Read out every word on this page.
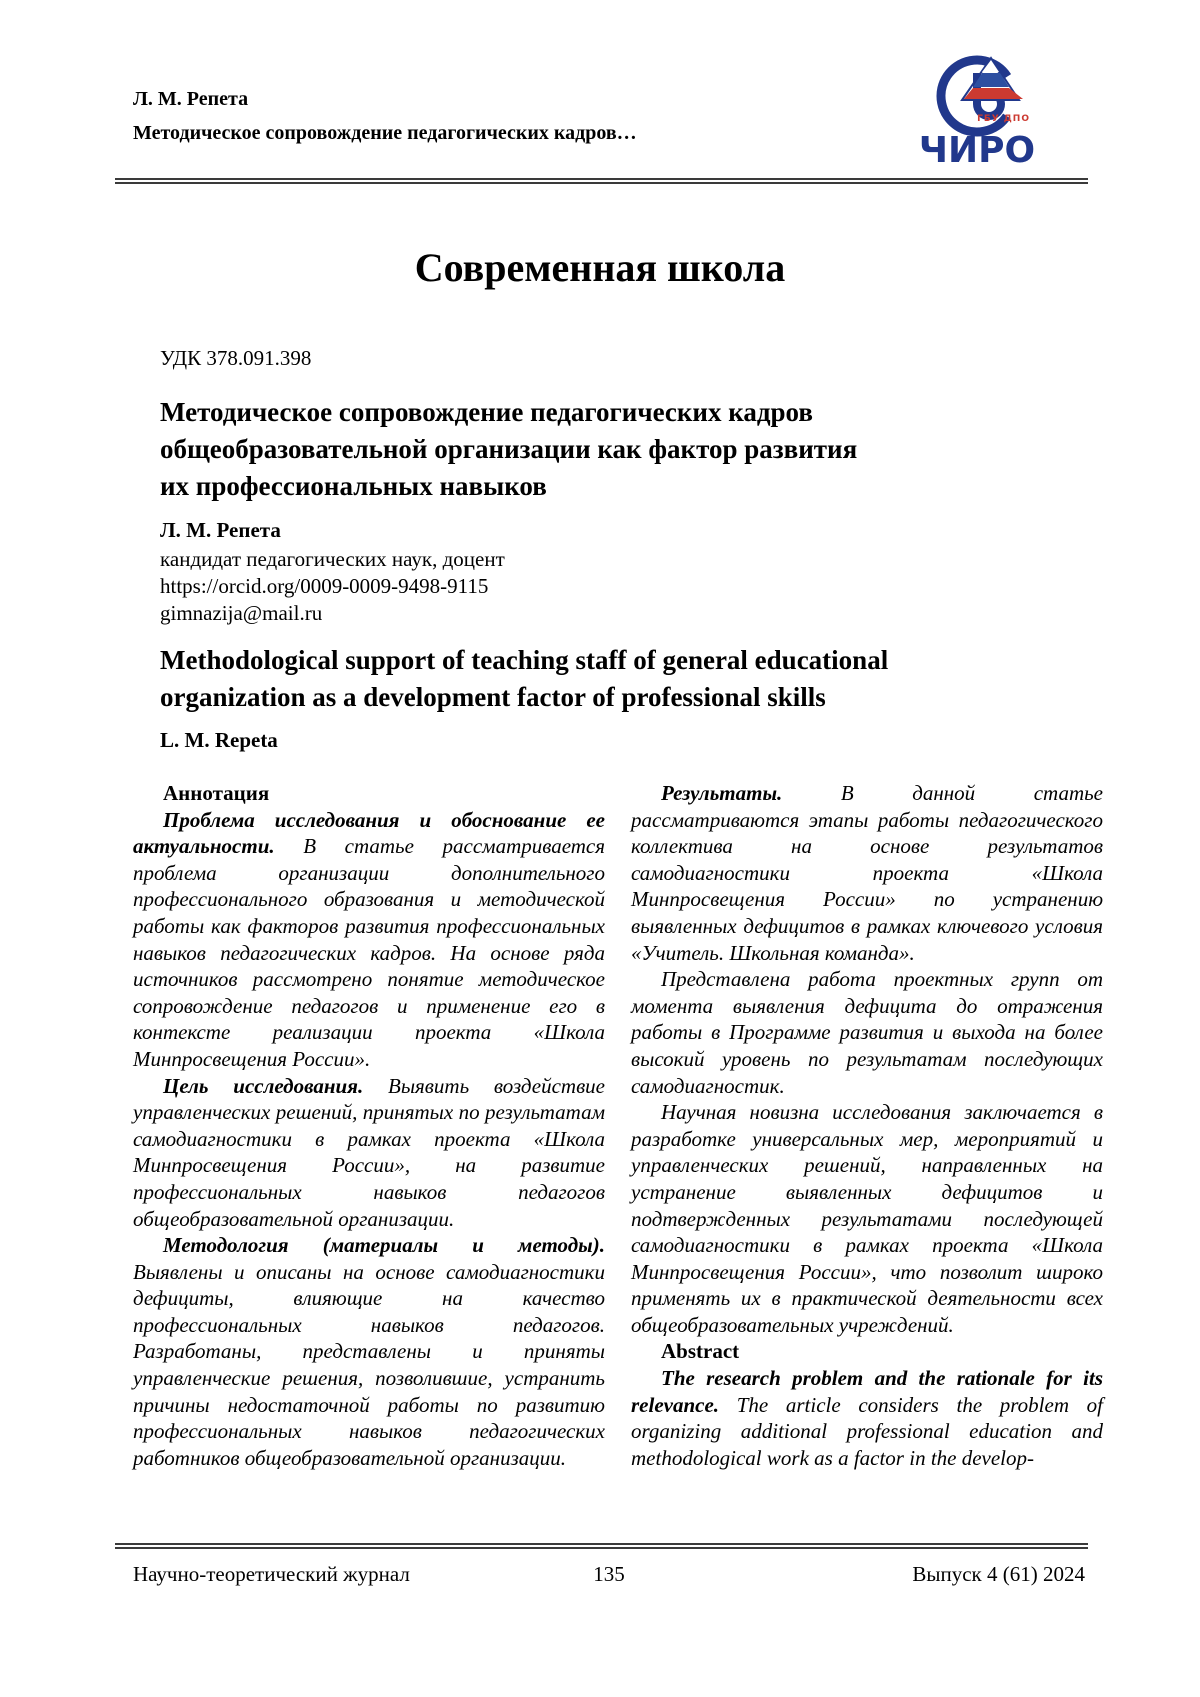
Л. М. Репета
Методическое сопровождение педагогических кадров…
ГБУ ДПО
ЧИРО
Современная школа
УДК 378.091.398
Методическое сопровождение педагогических кадров
общеобразовательной организации как фактор развития
их профессиональных навыков
Л. М. Репета
кандидат педагогических наук, доцент
https://orcid.org/0009-0009-9498-9115
gimnazija@mail.ru
Methodological support of teaching staff of general educational
organization as a development factor of professional skills
L. M. Repeta
Аннотация

Проблема исследования и обоснование ее актуальности. В статье рассматривается проблема организации дополнительного профессионального образования и методической работы как факторов развития профессиональных навыков педагогических кадров. На основе ряда источников рассмотрено понятие методическое сопровождение педагогов и применение его в контексте реализации проекта «Школа Минпросвещения России».

Цель исследования. Выявить воздействие управленческих решений, принятых по результатам самодиагностики в рамках проекта «Школа Минпросвещения России», на развитие профессиональных навыков педагогов общеобразовательной организации.

Методология (материалы и методы). Выявлены и описаны на основе самодиагностики дефициты, влияющие на качество профессиональных навыков педагогов. Разработаны, представлены и приняты управленческие решения, позволившие, устранить причины недостаточной работы по развитию профессиональных навыков педагогических работников общеобразовательной организации.

Результаты.	В данной статье рассматриваются этапы работы педагогического коллектива на основе результатов самодиагностики проекта «Школа Минпросвещения России» по устранению выявленных дефицитов в рамках ключевого условия «Учитель. Школьная команда».

Представлена работа проектных групп от момента выявления дефицита до отражения работы в Программе развития и выхода на более высокий уровень по результатам последующих самодиагностик.

Научная новизна исследования заключается в разработке универсальных мер, мероприятий и управленческих решений, направленных на устранение выявленных дефицитов и подтвержденных результатами последующей самодиагностики в рамках проекта «Школа Минпросвещения России», что позволит широко применять их в практической деятельности всех общеобразовательных учреждений.

Abstract

The research problem and the rationale for its relevance. The article considers the problem of organizing additional professional education and methodological work as a factor in the develop-

Научно-теоретический журнал	135	Выпуск 4 (61) 2024
